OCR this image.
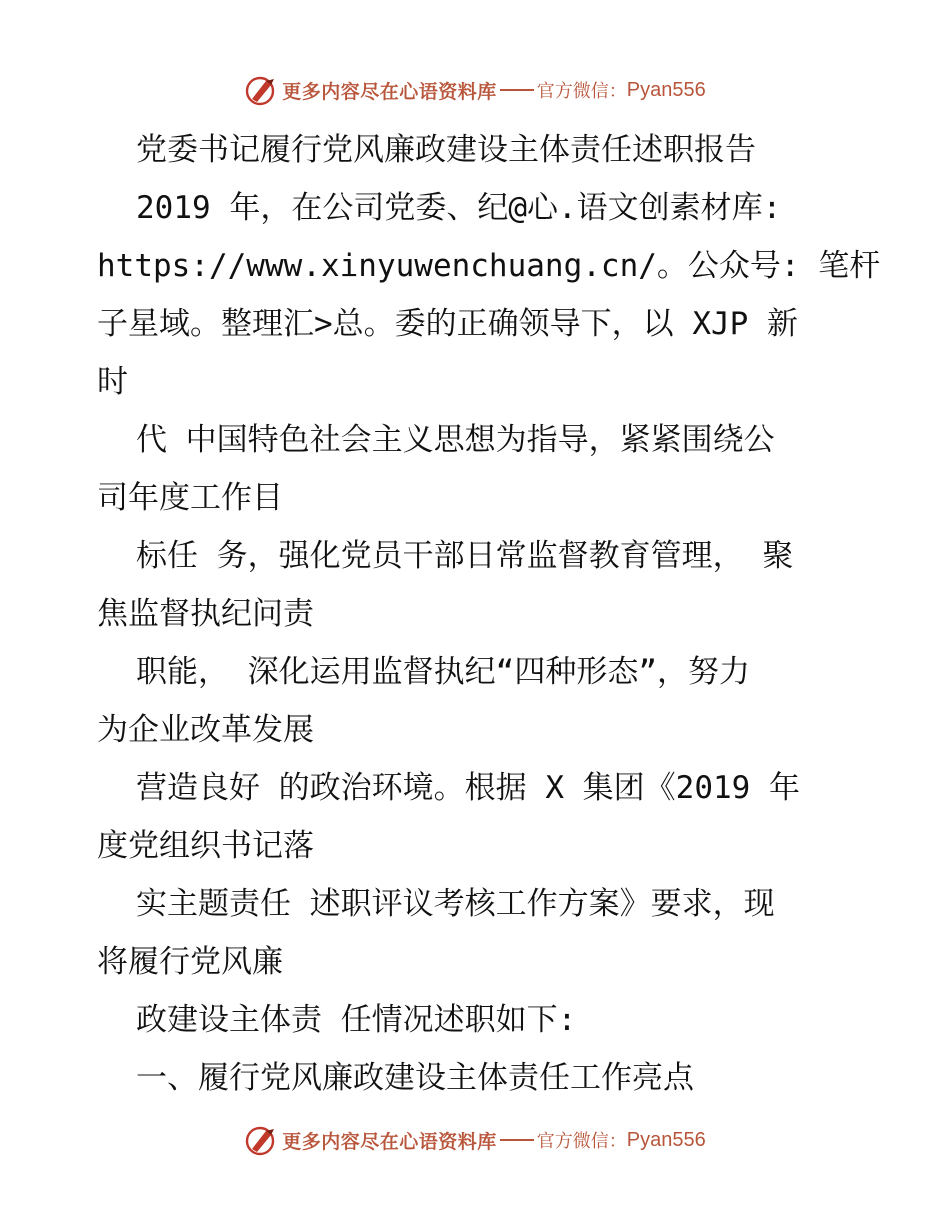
更多内容尽在心语资料库 官方微信： Pyan556
党委书记履行党风廉政建设主体责任述职报告
2019 年，在公司党委、纪@心.语文创素材库:
https://www.xinyuwenchuang.cn/。公众号: 笔杆
子星域。整理汇>总。委的正确领导下，以 XJP 新
时
代 中国特色社会主义思想为指导，紧紧围绕公
司年度工作目
标任 务，强化党员干部日常监督教育管理， 聚
焦监督执纪问责
职能， 深化运用监督执纪“四种形态”，努力
为企业改革发展
营造良好 的政治环境。根据 X 集团《2019 年
度党组织书记落
实主题责任 述职评议考核工作方案》要求，现
将履行党风廉
政建设主体责 任情况述职如下:
一、履行党风廉政建设主体责任工作亮点
更多内容尽在心语资料库 官方微信： Pyan556
